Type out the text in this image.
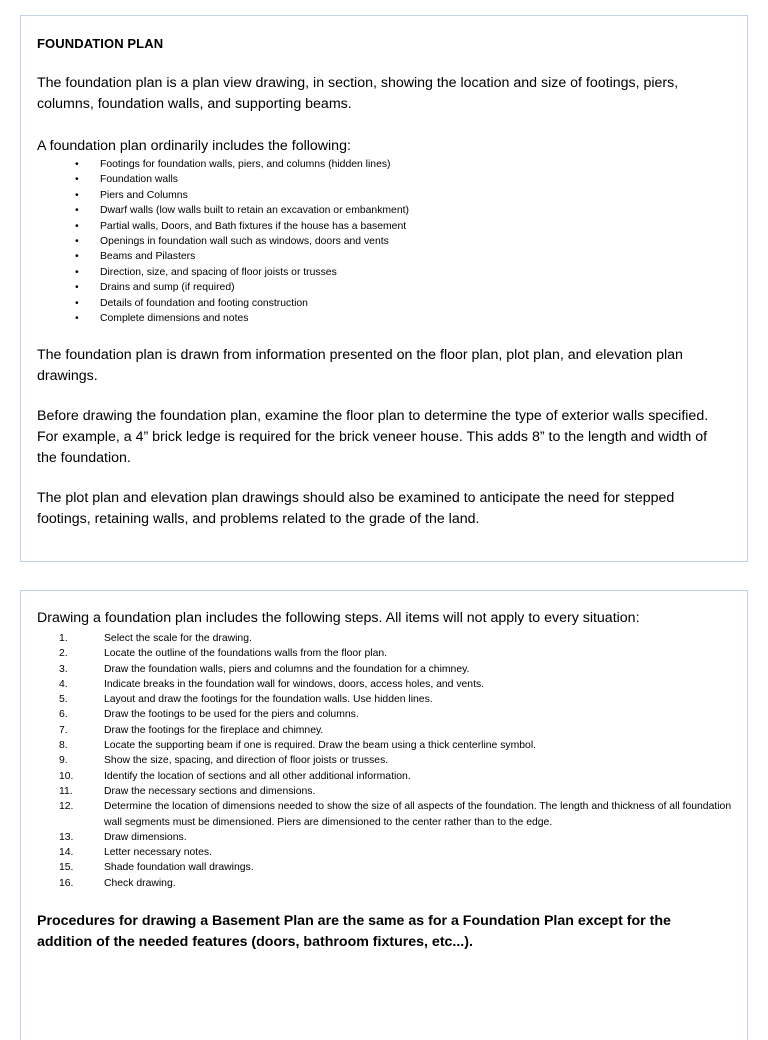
FOUNDATION PLAN
The foundation plan is a plan view drawing, in section, showing the location and size of footings, piers, columns, foundation walls, and supporting beams.
A foundation plan ordinarily includes the following:
• Footings for foundation walls, piers, and columns (hidden lines)
• Foundation walls
• Piers and Columns
• Dwarf walls (low walls built to retain an excavation or embankment)
• Partial walls, Doors, and Bath fixtures if the house has a basement
• Openings in foundation wall such as windows, doors and vents
• Beams and Pilasters
• Direction, size, and spacing of floor joists or trusses
• Drains and sump (if required)
• Details of foundation and footing construction
• Complete dimensions and notes
The foundation plan is drawn from information presented on the floor plan, plot plan, and elevation plan drawings.
Before drawing the foundation plan, examine the floor plan to determine the type of exterior walls specified. For example, a 4” brick ledge is required for the brick veneer house. This adds 8” to the length and width of the foundation.
The plot plan and elevation plan drawings should also be examined to anticipate the need for stepped footings, retaining walls, and problems related to the grade of the land.
Drawing a foundation plan includes the following steps. All items will not apply to every situation:
1.	Select the scale for the drawing.
2.	Locate the outline of the foundations walls from the floor plan.
3.	Draw the foundation walls, piers and columns and the foundation for a chimney.
4.	Indicate breaks in the foundation wall for windows, doors, access holes, and vents.
5.	Layout and draw the footings for the foundation walls. Use hidden lines.
6.	Draw the footings to be used for the piers and columns.
7.	Draw the footings for the fireplace and chimney.
8.	Locate the supporting beam if one is required. Draw the beam using a thick centerline symbol.
9.	Show the size, spacing, and direction of floor joists or trusses.
10.	Identify the location of sections and all other additional information.
11.	Draw the necessary sections and dimensions.
12.	Determine the location of dimensions needed to show the size of all aspects of the foundation. The length and thickness of all foundation wall segments must be dimensioned. Piers are dimensioned to the center rather than to the edge.
13.	Draw dimensions.
14.	Letter necessary notes.
15.	Shade foundation wall drawings.
16.	Check drawing.
Procedures for drawing a Basement Plan are the same as for a Foundation Plan except for the addition of the needed features (doors, bathroom fixtures, etc...).
